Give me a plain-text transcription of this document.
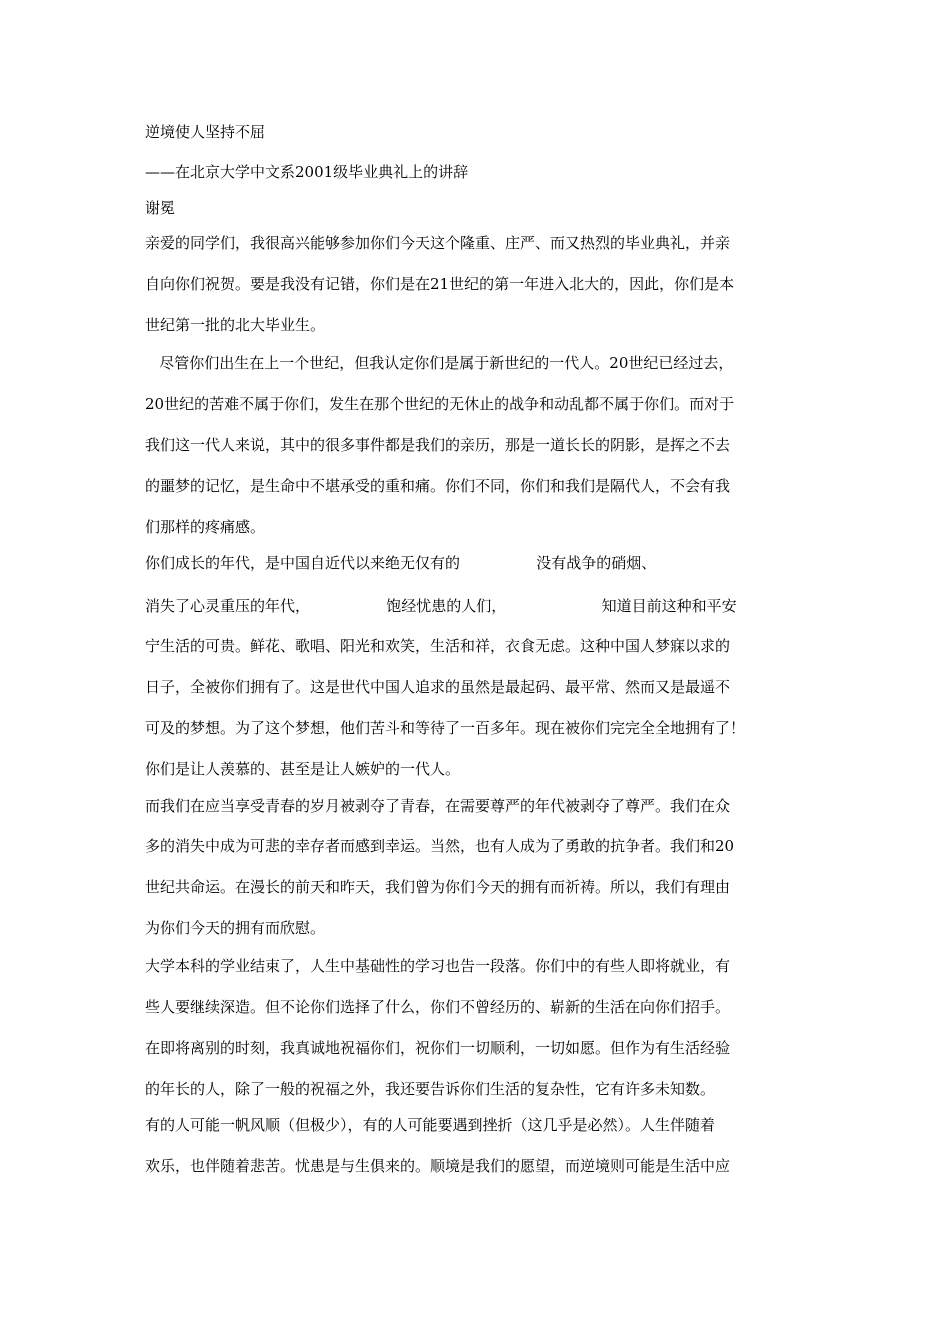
逆境使人坚持不屈
——在北京大学中文系2001级毕业典礼上的讲辞
谢冕
亲爱的同学们，我很高兴能够参加你们今天这个隆重、庄严、而又热烈的毕业典礼，并亲
自向你们祝贺。要是我没有记错，你们是在21世纪的第一年进入北大的，因此，你们是本
世纪第一批的北大毕业生。
尽管你们出生在上一个世纪，但我认定你们是属于新世纪的一代人。20世纪已经过去，
20世纪的苦难不属于你们，发生在那个世纪的无休止的战争和动乱都不属于你们。而对于
我们这一代人来说，其中的很多事件都是我们的亲历，那是一道长长的阴影，是挥之不去
的噩梦的记忆，是生命中不堪承受的重和痛。你们不同，你们和我们是隔代人，不会有我
们那样的疼痛感。
你们成长的年代，是中国自近代以来绝无仅有的                没有战争的硝烟、
消失了心灵重压的年代，                饱经忧患的人们，                    知道目前这种和平安
宁生活的可贵。鲜花、歌唱、阳光和欢笑，生活和祥，衣食无虑。这种中国人梦寐以求的
日子，全被你们拥有了。这是世代中国人追求的虽然是最起码、最平常、然而又是最遥不
可及的梦想。为了这个梦想，他们苦斗和等待了一百多年。现在被你们完完全全地拥有了！
你们是让人羡慕的、甚至是让人嫉妒的一代人。
而我们在应当享受青春的岁月被剥夺了青春，在需要尊严的年代被剥夺了尊严。我们在众
多的消失中成为可悲的幸存者而感到幸运。当然，也有人成为了勇敢的抗争者。我们和20
世纪共命运。在漫长的前天和昨天，我们曾为你们今天的拥有而祈祷。所以，我们有理由
为你们今天的拥有而欣慰。
大学本科的学业结束了，人生中基础性的学习也告一段落。你们中的有些人即将就业，有
些人要继续深造。但不论你们选择了什么，你们不曾经历的、崭新的生活在向你们招手。
在即将离别的时刻，我真诚地祝福你们，祝你们一切顺利，一切如愿。但作为有生活经验
的年长的人，除了一般的祝福之外，我还要告诉你们生活的复杂性，它有许多未知数。
有的人可能一帆风顺（但极少），有的人可能要遇到挫折（这几乎是必然）。人生伴随着
欢乐，也伴随着悲苦。忧患是与生俱来的。顺境是我们的愿望，而逆境则可能是生活中应
